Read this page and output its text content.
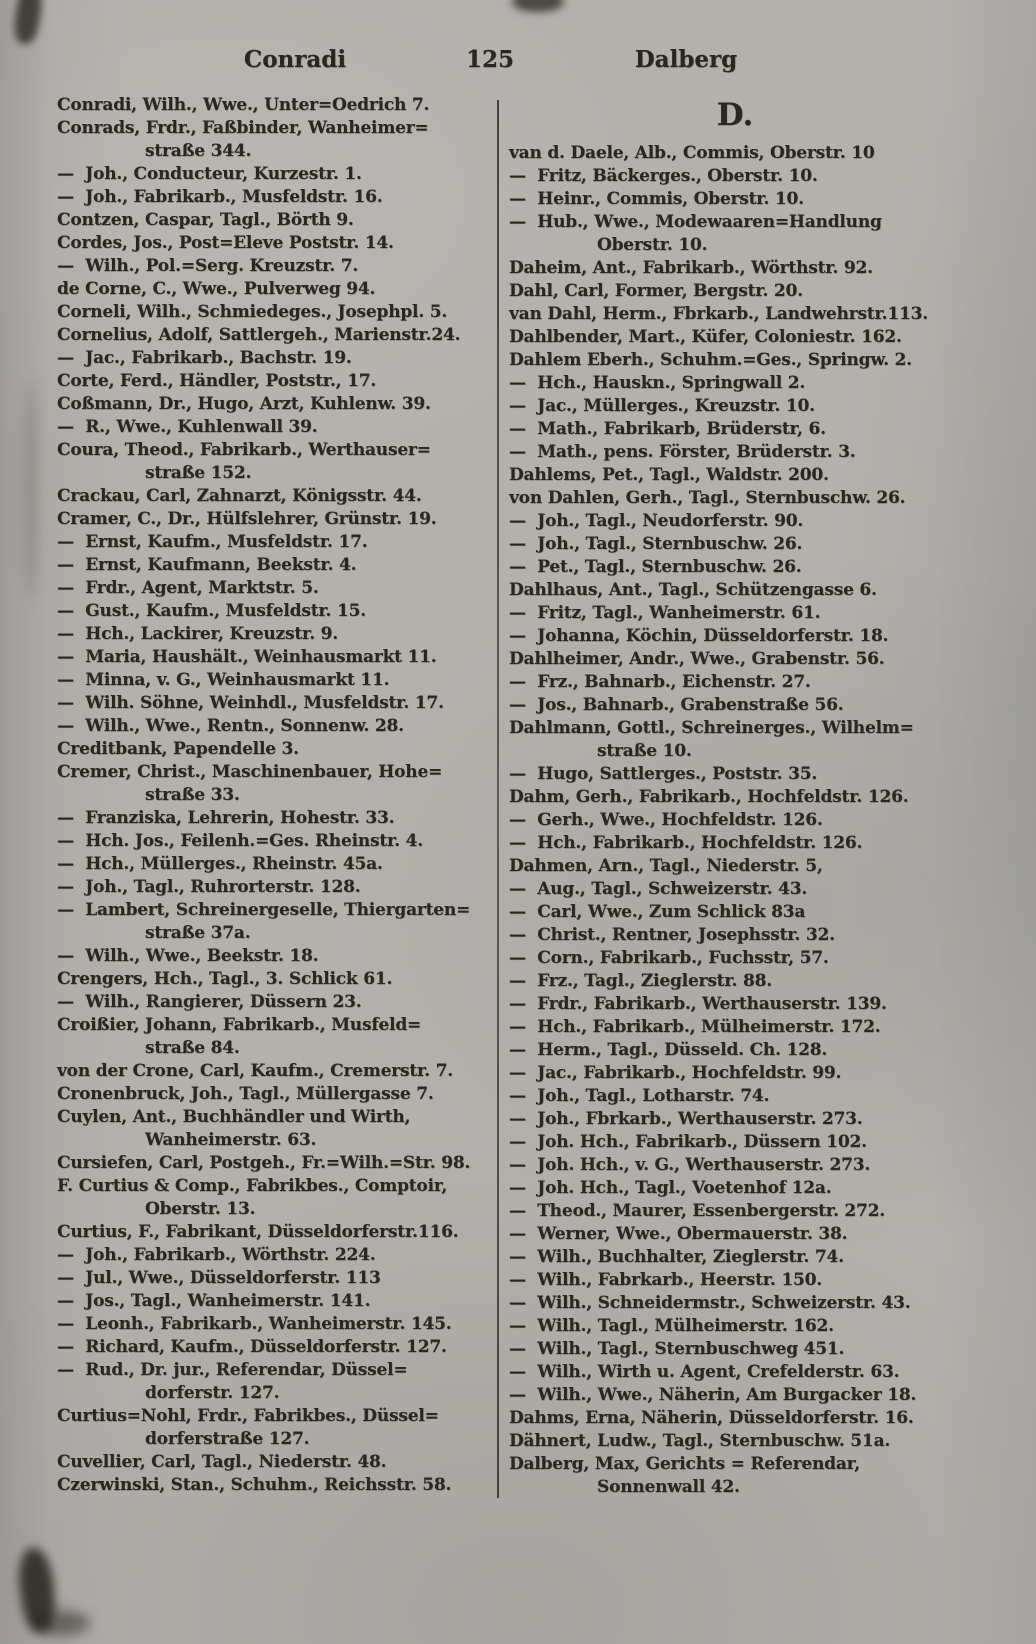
Conradi	125	Dalberg
Conradi, Wilh., Wwe., Unter=Oedrich 7.
Conrads, Frdr., Faßbinder, Wanheimer=
straße 344.
—  Joh., Conducteur, Kurzestr. 1.
—  Joh., Fabrikarb., Musfeldstr. 16.
Contzen, Caspar, Tagl., Börth 9.
Cordes, Jos., Post=Eleve Poststr. 14.
—  Wilh., Pol.=Serg. Kreuzstr. 7.
de Corne, C., Wwe., Pulverweg 94.
Corneli, Wilh., Schmiedeges., Josephpl. 5.
Cornelius, Adolf, Sattlergeh., Marienstr.24.
—  Jac., Fabrikarb., Bachstr. 19.
Corte, Ferd., Händler, Poststr., 17.
Coßmann, Dr., Hugo, Arzt, Kuhlenw. 39.
—  R., Wwe., Kuhlenwall 39.
Coura, Theod., Fabrikarb., Werthauser=
straße 152.
Crackau, Carl, Zahnarzt, Königsstr. 44.
Cramer, C., Dr., Hülfslehrer, Grünstr. 19.
—  Ernst, Kaufm., Musfeldstr. 17.
—  Ernst, Kaufmann, Beekstr. 4.
—  Frdr., Agent, Marktstr. 5.
—  Gust., Kaufm., Musfeldstr. 15.
—  Hch., Lackirer, Kreuzstr. 9.
—  Maria, Haushält., Weinhausmarkt 11.
—  Minna, v. G., Weinhausmarkt 11.
—  Wilh. Söhne, Weinhdl., Musfeldstr. 17.
—  Wilh., Wwe., Rentn., Sonnenw. 28.
Creditbank, Papendelle 3.
Cremer, Christ., Maschinenbauer, Hohe=
straße 33.
—  Franziska, Lehrerin, Hohestr. 33.
—  Hch. Jos., Feilenh.=Ges. Rheinstr. 4.
—  Hch., Müllerges., Rheinstr. 45a.
—  Joh., Tagl., Ruhrorterstr. 128.
—  Lambert, Schreinergeselle, Thiergarten=
straße 37a.
—  Wilh., Wwe., Beekstr. 18.
Crengers, Hch., Tagl., 3. Schlick 61.
—  Wilh., Rangierer, Düssern 23.
Croißier, Johann, Fabrikarb., Musfeld=
straße 84.
von der Crone, Carl, Kaufm., Cremerstr. 7.
Cronenbruck, Joh., Tagl., Müllergasse 7.
Cuylen, Ant., Buchhändler und Wirth,
Wanheimerstr. 63.
Cursiefen, Carl, Postgeh., Fr.=Wilh.=Str. 98.
F. Curtius & Comp., Fabrikbes., Comptoir,
Oberstr. 13.
Curtius, F., Fabrikant, Düsseldorferstr.116.
—  Joh., Fabrikarb., Wörthstr. 224.
—  Jul., Wwe., Düsseldorferstr. 113
—  Jos., Tagl., Wanheimerstr. 141.
—  Leonh., Fabrikarb., Wanheimerstr. 145.
—  Richard, Kaufm., Düsseldorferstr. 127.
—  Rud., Dr. jur., Referendar, Düssel=
dorferstr. 127.
Curtius=Nohl, Frdr., Fabrikbes., Düssel=
dorferstraße 127.
Cuvellier, Carl, Tagl., Niederstr. 48.
Czerwinski, Stan., Schuhm., Reichsstr. 58.
D.
van d. Daele, Alb., Commis, Oberstr. 10
—  Fritz, Bäckerges., Oberstr. 10.
—  Heinr., Commis, Oberstr. 10.
—  Hub., Wwe., Modewaaren=Handlung
Oberstr. 10.
Daheim, Ant., Fabrikarb., Wörthstr. 92.
Dahl, Carl, Former, Bergstr. 20.
van Dahl, Herm., Fbrkarb., Landwehrstr.113.
Dahlbender, Mart., Küfer, Coloniestr. 162.
Dahlem Eberh., Schuhm.=Ges., Springw. 2.
—  Hch., Hauskn., Springwall 2.
—  Jac., Müllerges., Kreuzstr. 10.
—  Math., Fabrikarb, Brüderstr, 6.
—  Math., pens. Förster, Brüderstr. 3.
Dahlems, Pet., Tagl., Waldstr. 200.
von Dahlen, Gerh., Tagl., Sternbuschw. 26.
—  Joh., Tagl., Neudorferstr. 90.
—  Joh., Tagl., Sternbuschw. 26.
—  Pet., Tagl., Sternbuschw. 26.
Dahlhaus, Ant., Tagl., Schützengasse 6.
—  Fritz, Tagl., Wanheimerstr. 61.
—  Johanna, Köchin, Düsseldorferstr. 18.
Dahlheimer, Andr., Wwe., Grabenstr. 56.
—  Frz., Bahnarb., Eichenstr. 27.
—  Jos., Bahnarb., Grabenstraße 56.
Dahlmann, Gottl., Schreinerges., Wilhelm=
straße 10.
—  Hugo, Sattlerges., Poststr. 35.
Dahm, Gerh., Fabrikarb., Hochfeldstr. 126.
—  Gerh., Wwe., Hochfeldstr. 126.
—  Hch., Fabrikarb., Hochfeldstr. 126.
Dahmen, Arn., Tagl., Niederstr. 5,
—  Aug., Tagl., Schweizerstr. 43.
—  Carl, Wwe., Zum Schlick 83a
—  Christ., Rentner, Josephsstr. 32.
—  Corn., Fabrikarb., Fuchsstr, 57.
—  Frz., Tagl., Zieglerstr. 88.
—  Frdr., Fabrikarb., Werthauserstr. 139.
—  Hch., Fabrikarb., Mülheimerstr. 172.
—  Herm., Tagl., Düsseld. Ch. 128.
—  Jac., Fabrikarb., Hochfeldstr. 99.
—  Joh., Tagl., Lotharstr. 74.
—  Joh., Fbrkarb., Werthauserstr. 273.
—  Joh. Hch., Fabrikarb., Düssern 102.
—  Joh. Hch., v. G., Werthauserstr. 273.
—  Joh. Hch., Tagl., Voetenhof 12a.
—  Theod., Maurer, Essenbergerstr. 272.
—  Werner, Wwe., Obermauerstr. 38.
—  Wilh., Buchhalter, Zieglerstr. 74.
—  Wilh., Fabrkarb., Heerstr. 150.
—  Wilh., Schneidermstr., Schweizerstr. 43.
—  Wilh., Tagl., Mülheimerstr. 162.
—  Wilh., Tagl., Sternbuschweg 451.
—  Wilh., Wirth u. Agent, Crefelderstr. 63.
—  Wilh., Wwe., Näherin, Am Burgacker 18.
Dahms, Erna, Näherin, Düsseldorferstr. 16.
Dähnert, Ludw., Tagl., Sternbuschw. 51a.
Dalberg, Max, Gerichts = Referendar,
Sonnenwall 42.
